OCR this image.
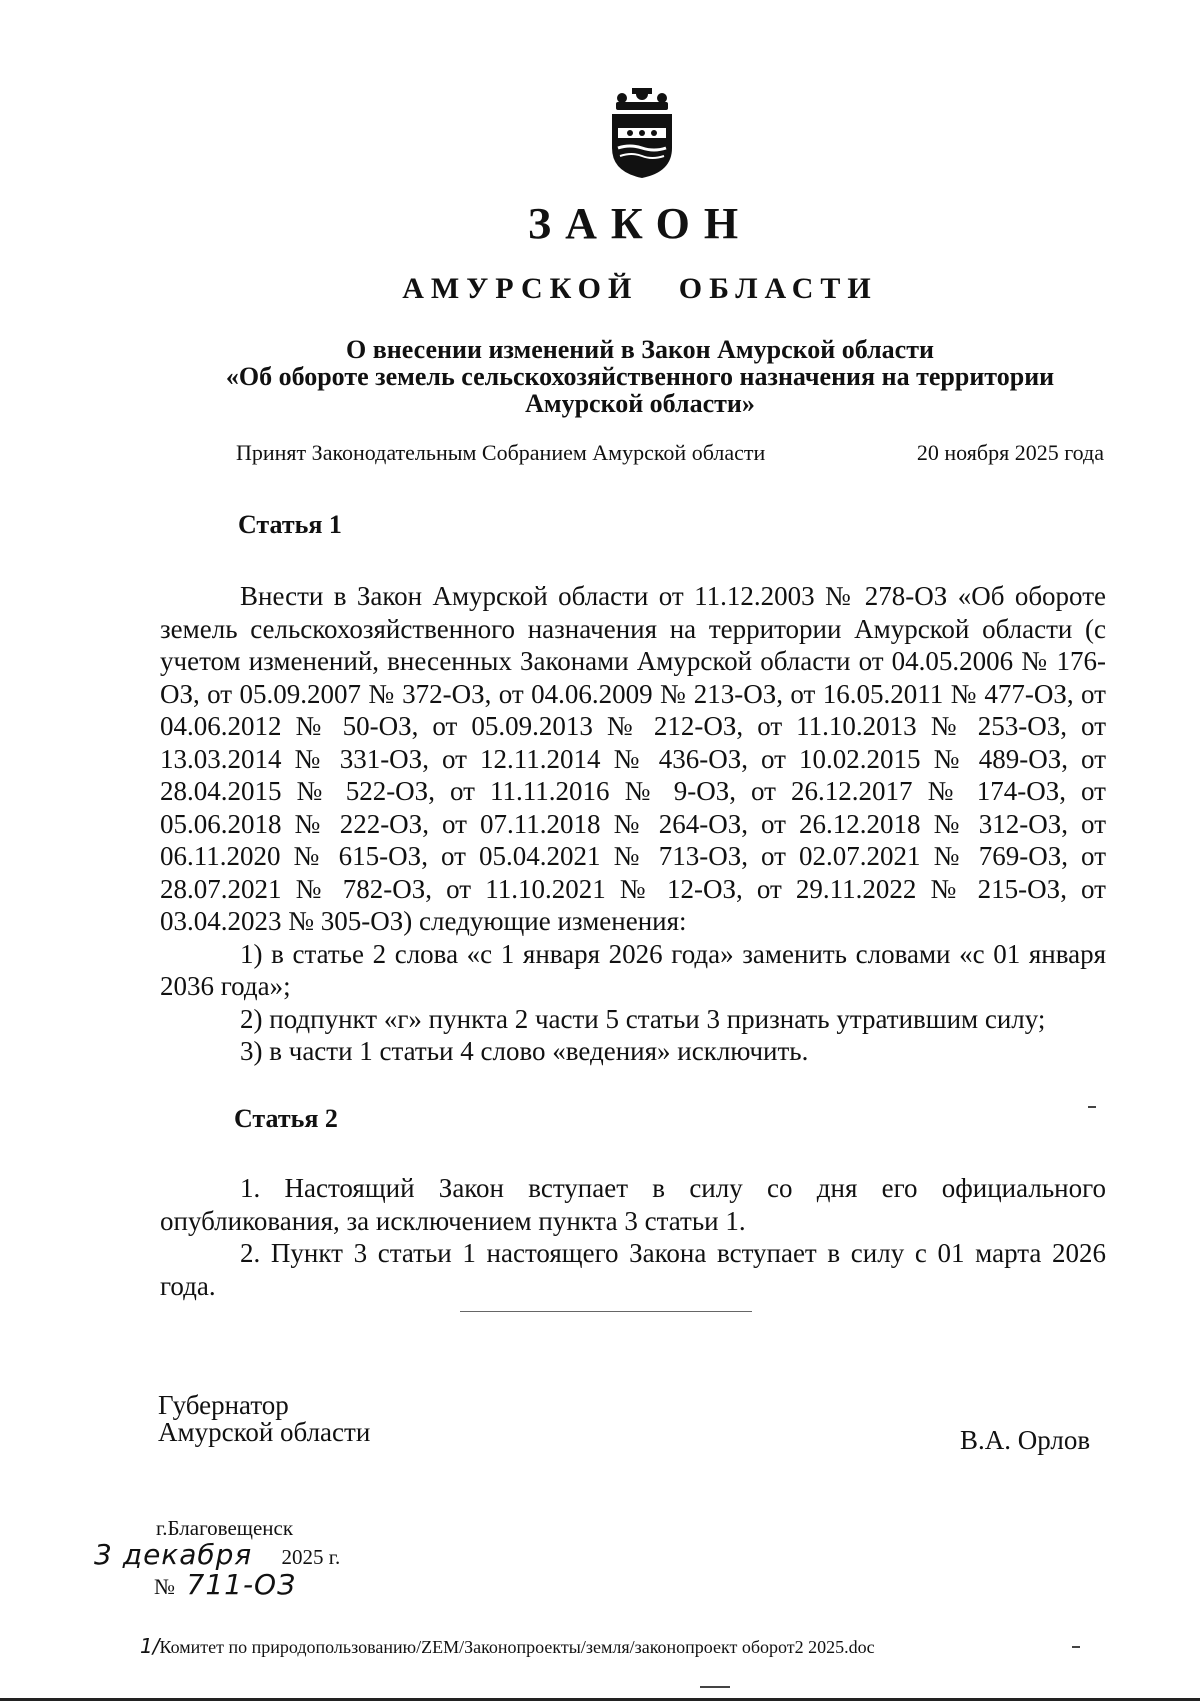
ЗАКОН
АМУРСКОЙ ОБЛАСТИ
О внесении изменений в Закон Амурской области
«Об обороте земель сельскохозяйственного назначения на территории
Амурской области»
Принят Законодательным Собранием Амурской области	20 ноября 2025 года
Статья 1

Внести в Закон Амурской области от 11.12.2003 № 278-ОЗ «Об обороте земель сельскохозяйственного назначения на территории Амурской области (с учетом изменений, внесенных Законами Амурской области от 04.05.2006 № 176-ОЗ, от 05.09.2007 № 372-ОЗ, от 04.06.2009 № 213-ОЗ, от 16.05.2011 № 477-ОЗ, от 04.06.2012 № 50-ОЗ, от 05.09.2013 № 212-ОЗ, от 11.10.2013 № 253-ОЗ, от 13.03.2014 № 331-ОЗ, от 12.11.2014 № 436-ОЗ, от 10.02.2015 № 489-ОЗ, от 28.04.2015 № 522-ОЗ, от 11.11.2016 № 9-ОЗ, от 26.12.2017 № 174-ОЗ, от 05.06.2018 № 222-ОЗ, от 07.11.2018 № 264-ОЗ, от 26.12.2018 № 312-ОЗ, от 06.11.2020 № 615-ОЗ, от 05.04.2021 № 713-ОЗ, от 02.07.2021 № 769-ОЗ, от 28.07.2021 № 782-ОЗ, от 11.10.2021 № 12-ОЗ, от 29.11.2022 № 215-ОЗ, от 03.04.2023 № 305-ОЗ) следующие изменения:

1) в статье 2 слова «с 1 января 2026 года» заменить словами «с 01 января 2036 года»;

2) подпункт «г» пункта 2 части 5 статьи 3 признать утратившим силу;

3) в части 1 статьи 4 слово «ведения» исключить.

Статья 2

1. Настоящий Закон вступает в силу со дня его официального опубликования, за исключением пункта 3 статьи 1.

2. Пункт 3 статьи 1 настоящего Закона вступает в силу с 01 марта 2026 года.

Губернатор
Амурской области	В.А. Орлов
г.Благовещенск
3 декабря 2025 г.
№ 711-ОЗ
1/Комитет по природопользованию/ZEM/Законопроекты/земля/законопроект оборот2 2025.doc
